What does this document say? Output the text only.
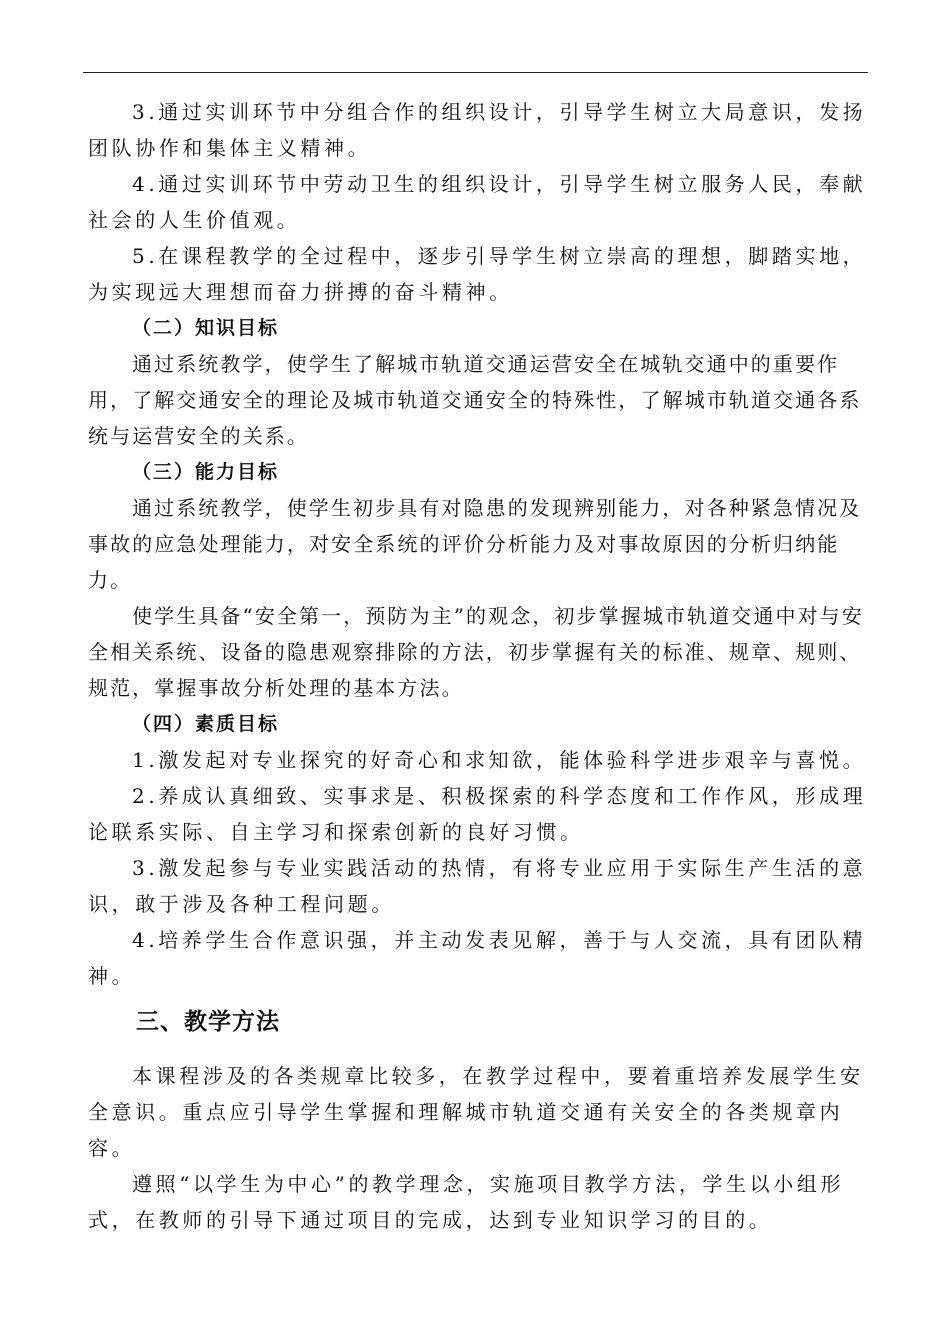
3.通过实训环节中分组合作的组织设计，引导学生树立大局意识，发扬团队协作和集体主义精神。

4.通过实训环节中劳动卫生的组织设计，引导学生树立服务人民，奉献社会的人生价值观。

5.在课程教学的全过程中，逐步引导学生树立崇高的理想，脚踏实地，为实现远大理想而奋力拼搏的奋斗精神。

（二）知识目标

通过系统教学，使学生了解城市轨道交通运营安全在城轨交通中的重要作用，了解交通安全的理论及城市轨道交通安全的特殊性，了解城市轨道交通各系统与运营安全的关系。

（三）能力目标

通过系统教学，使学生初步具有对隐患的发现辨别能力，对各种紧急情况及事故的应急处理能力，对安全系统的评价分析能力及对事故原因的分析归纳能力。

使学生具备“安全第一，预防为主”的观念，初步掌握城市轨道交通中对与安全相关系统、设备的隐患观察排除的方法，初步掌握有关的标准、规章、规则、规范，掌握事故分析处理的基本方法。

（四）素质目标

1.激发起对专业探究的好奇心和求知欲，能体验科学进步艰辛与喜悦。

2.养成认真细致、实事求是、积极探索的科学态度和工作作风，形成理论联系实际、自主学习和探索创新的良好习惯。

3.激发起参与专业实践活动的热情，有将专业应用于实际生产生活的意识，敢于涉及各种工程问题。

4.培养学生合作意识强，并主动发表见解，善于与人交流，具有团队精神。

三、教学方法

本课程涉及的各类规章比较多，在教学过程中，要着重培养发展学生安全意识。重点应引导学生掌握和理解城市轨道交通有关安全的各类规章内容。

遵照“以学生为中心”的教学理念，实施项目教学方法，学生以小组形式，在教师的引导下通过项目的完成，达到专业知识学习的目的。
